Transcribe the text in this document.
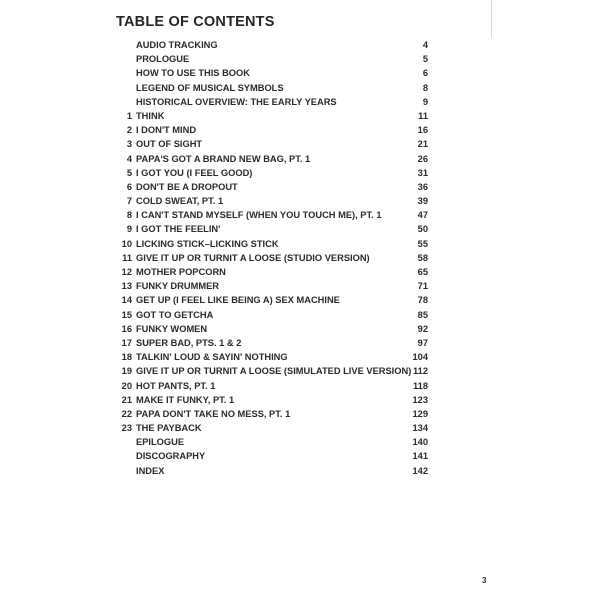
TABLE OF CONTENTS
AUDIO TRACKING	4
PROLOGUE	5
HOW TO USE THIS BOOK	6
LEGEND OF MUSICAL SYMBOLS	8
HISTORICAL OVERVIEW: THE EARLY YEARS	9
1 THINK	11
2 I DON'T MIND	16
3 OUT OF SIGHT	21
4 PAPA'S GOT A BRAND NEW BAG, PT. 1	26
5 I GOT YOU (I FEEL GOOD)	31
6 DON'T BE A DROPOUT	36
7 COLD SWEAT, PT. 1	39
8 I CAN'T STAND MYSELF (WHEN YOU TOUCH ME), PT. 1	47
9 I GOT THE FEELIN'	50
10 LICKING STICK–LICKING STICK	55
11 GIVE IT UP OR TURNIT A LOOSE (STUDIO VERSION)	58
12 MOTHER POPCORN	65
13 FUNKY DRUMMER	71
14 GET UP (I FEEL LIKE BEING A) SEX MACHINE	78
15 GOT TO GETCHA	85
16 FUNKY WOMEN	92
17 SUPER BAD, PTS. 1 & 2	97
18 TALKIN' LOUD & SAYIN' NOTHING	104
19 GIVE IT UP OR TURNIT A LOOSE (SIMULATED LIVE VERSION) 112
20 HOT PANTS, PT. 1	118
21 MAKE IT FUNKY, PT. 1	123
22 PAPA DON'T TAKE NO MESS, PT. 1	129
23 THE PAYBACK	134
EPILOGUE	140
DISCOGRAPHY	141
INDEX	142
3
